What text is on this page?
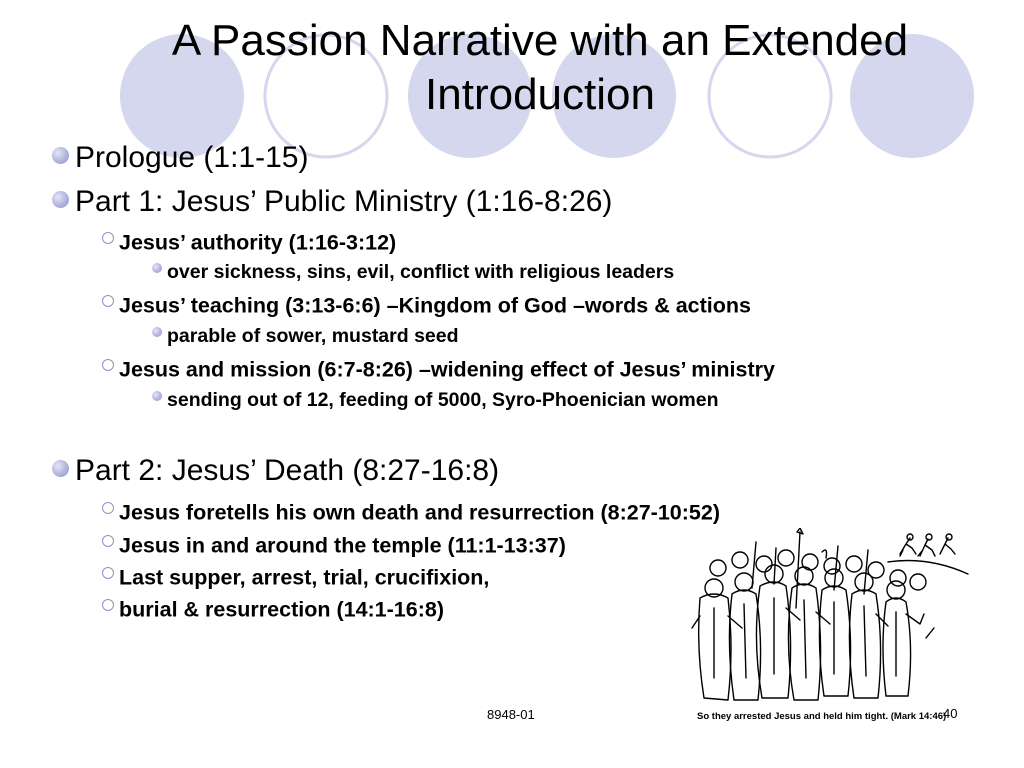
A Passion Narrative with an Extended
Introduction
Prologue (1:1-15)
Part 1: Jesus’ Public Ministry (1:16-8:26)
Jesus’ authority (1:16-3:12)
over sickness, sins, evil, conflict with religious leaders
Jesus’ teaching (3:13-6:6) –Kingdom of God –words & actions
parable of sower, mustard seed
Jesus and mission (6:7-8:26) –widening effect of Jesus’ ministry
sending out of 12, feeding of 5000, Syro-Phoenician women
Part 2: Jesus’ Death (8:27-16:8)
Jesus foretells his own death and resurrection (8:27-10:52)
Jesus in and around the temple (11:1-13:37)
Last supper, arrest, trial, crucifixion,
burial & resurrection (14:1-16:8)
So they arrested Jesus and held him tight. (Mark 14:46)
8948-01	40
